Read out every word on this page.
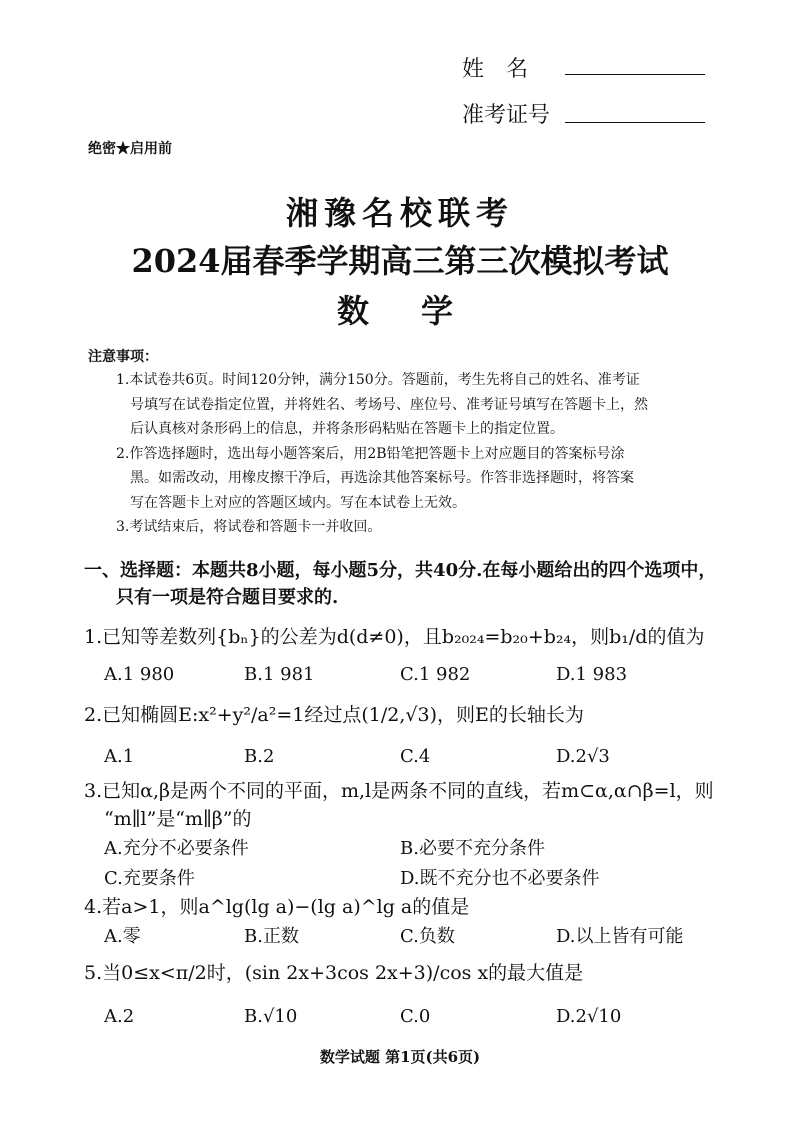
姓　名
准考证号
绝密★启用前
湘豫名校联考
2024届春季学期高三第三次模拟考试
数　学
注意事项：

1.本试卷共6页。时间120分钟，满分150分。答题前，考生先将自己的姓名、准考证

号填写在试卷指定位置，并将姓名、考场号、座位号、准考证号填写在答题卡上，然

后认真核对条形码上的信息，并将条形码粘贴在答题卡上的指定位置。

2.作答选择题时，选出每小题答案后，用2B铅笔把答题卡上对应题目的答案标号涂

黑。如需改动，用橡皮擦干净后，再选涂其他答案标号。作答非选择题时，将答案

写在答题卡上对应的答题区域内。写在本试卷上无效。

3.考试结束后，将试卷和答题卡一并收回。

一、选择题：本题共8小题，每小题5分，共40分.在每小题给出的四个选项中，
只有一项是符合题目要求的.
1.已知等差数列{bₙ}的公差为d(d≠0)，且b₂₀₂₄=b₂₀+b₂₄，则b₁/d的值为
A.1 980	B.1 981	C.1 982	D.1 983
2.已知椭圆E:x²+y²/a²=1经过点(1/2,√3)，则E的长轴长为
A.1	B.2	C.4	D.2√3
3.已知α,β是两个不同的平面，m,l是两条不同的直线，若m⊂α,α∩β=l，则
“m∥l”是“m∥β”的
A.充分不必要条件	B.必要不充分条件
C.充要条件	D.既不充分也不必要条件
4.若a>1，则a^lg(lg a)−(lg a)^lg a的值是
A.零	B.正数	C.负数	D.以上皆有可能
5.当0≤x<π/2时，(sin 2x+3cos 2x+3)/cos x的最大值是
A.2	B.√10	C.0	D.2√10
数学试题 第1页(共6页)
